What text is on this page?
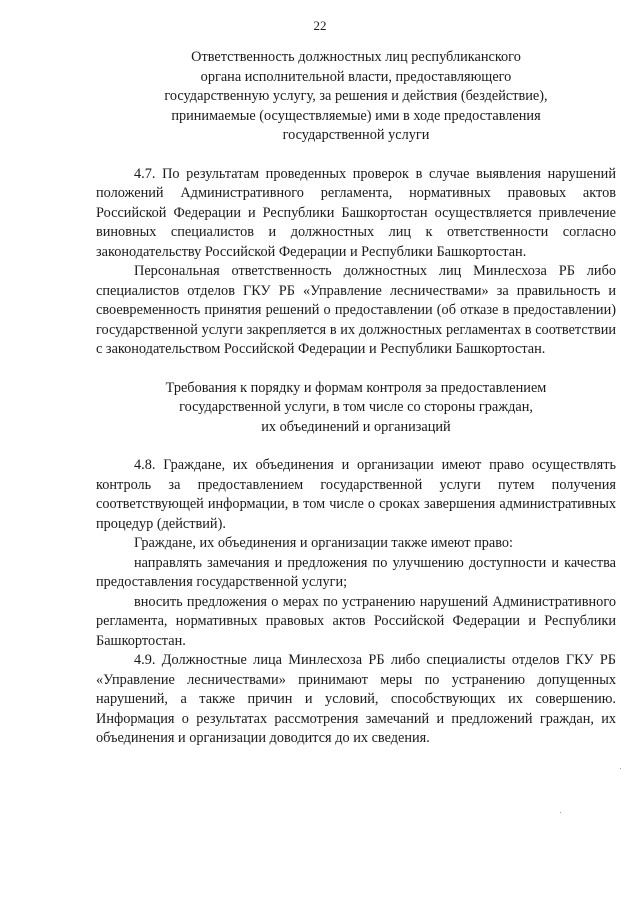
22
Ответственность должностных лиц республиканского
органа исполнительной власти, предоставляющего
государственную услугу, за решения и действия (бездействие),
принимаемые (осуществляемые) ими в ходе предоставления
государственной услуги

4.7. По результатам проведенных проверок в случае выявления нарушений положений Административного регламента, нормативных правовых актов Российской Федерации и Республики Башкортостан осуществляется привлечение виновных специалистов и должностных лиц к ответственности согласно законодательству Российской Федерации и Республики Башкортостан.

Персональная ответственность должностных лиц Минлесхоза РБ либо специалистов отделов ГКУ РБ «Управление лесничествами» за правильность и своевременность принятия решений о предоставлении (об отказе в предоставлении) государственной услуги закрепляется в их должностных регламентах в соответствии с законодательством Российской Федерации и Республики Башкортостан.

Требования к порядку и формам контроля за предоставлением
государственной услуги, в том числе со стороны граждан,
их объединений и организаций

4.8. Граждане, их объединения и организации имеют право осуществлять контроль за предоставлением государственной услуги путем получения соответствующей информации, в том числе о сроках завершения административных процедур (действий).

Граждане, их объединения и организации также имеют право:

направлять замечания и предложения по улучшению доступности и качества предоставления государственной услуги;

вносить предложения о мерах по устранению нарушений Административного регламента, нормативных правовых актов Российской Федерации и Республики Башкортостан.

4.9. Должностные лица Минлесхоза РБ либо специалисты отделов ГКУ РБ «Управление лесничествами» принимают меры по устранению допущенных нарушений, а также причин и условий, способствующих их совершению. Информация о результатах рассмотрения замечаний и предложений граждан, их объединения и организации доводится до их сведения.
